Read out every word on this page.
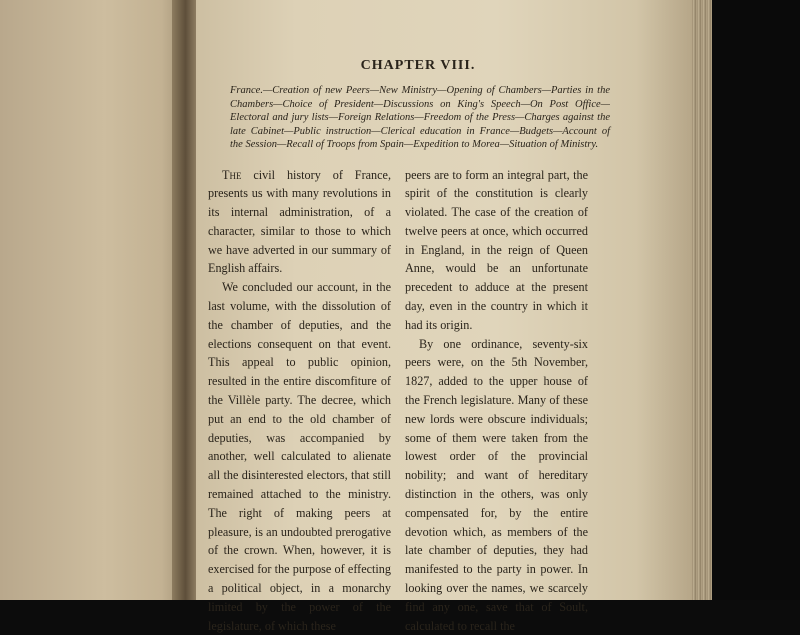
CHAPTER VIII.

France.—Creation of new Peers—New Ministry—Opening of Chambers—Parties in the Chambers—Choice of President—Discussions on King's Speech—On Post Office—Electoral and jury lists—Foreign Relations—Freedom of the Press—Charges against the late Cabinet—Public instruction—Clerical education in France—Budgets—Account of the Session—Recall of Troops from Spain—Expedition to Morea—Situation of Ministry.

The civil history of France, presents us with many revolutions in its internal administration, of a character, similar to those to which we have adverted in our summary of English affairs.

We concluded our account, in the last volume, with the dissolution of the chamber of deputies, and the elections consequent on that event. This appeal to public opinion, resulted in the entire discomfiture of the Villèle party. The decree, which put an end to the old chamber of deputies, was accompanied by another, well calculated to alienate all the disinterested electors, that still remained attached to the ministry. The right of making peers at pleasure, is an undoubted prerogative of the crown. When, however, it is exercised for the purpose of effecting a political object, in a monarchy limited by the power of the legislature, of which these

peers are to form an integral part, the spirit of the constitution is clearly violated. The case of the creation of twelve peers at once, which occurred in England, in the reign of Queen Anne, would be an unfortunate precedent to adduce at the present day, even in the country in which it had its origin.

By one ordinance, seventy-six peers were, on the 5th November, 1827, added to the upper house of the French legislature. Many of these new lords were obscure individuals; some of them were taken from the lowest order of the provincial nobility; and want of hereditary distinction in the others, was only compensated for, by the entire devotion which, as members of the late chamber of deputies, they had manifested to the party in power. In looking over the names, we scarcely find any one, save that of Soult, calculated to recall the
